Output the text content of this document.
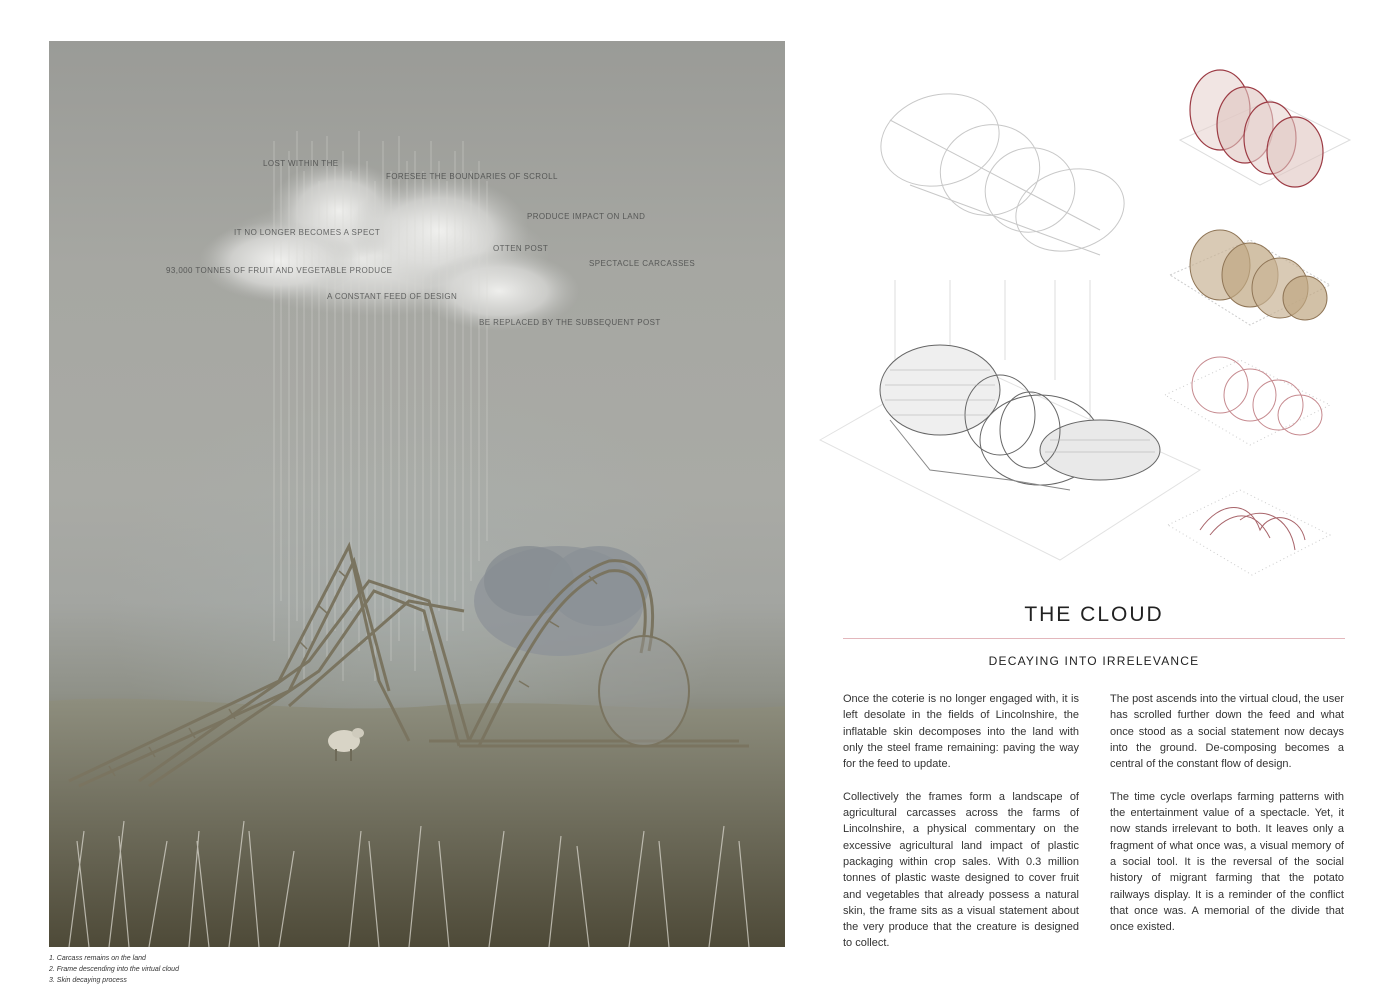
LOST WITHIN THE
FORESEE THE BOUNDARIES OF SCROLL
PRODUCE IMPACT ON LAND
IT NO LONGER BECOMES A SPECT
OTTEN POST
93,000 TONNES OF FRUIT AND VEGETABLE PRODUCE
SPECTACLE CARCASSES
A CONSTANT FEED OF DESIGN
BE REPLACED BY THE SUBSEQUENT POST
1. Carcass remains on the land
2. Frame descending into the virtual cloud
3. Skin decaying process
THE CLOUD
DECAYING INTO IRRELEVANCE

Once the coterie is no longer engaged with, it is left desolate in the fields of Lincolnshire, the inflatable skin decomposes into the land with only the steel frame remaining: paving the way for the feed to update.

Collectively the frames form a landscape of agricultural carcasses across the farms of Lincolnshire, a physical commentary on the excessive agricultural land impact of plastic packaging within crop sales. With 0.3 million tonnes of plastic waste designed to cover fruit and vegetables that already possess a natural skin, the frame sits as a visual statement about the very produce that the creature is designed to collect.

The post ascends into the virtual cloud, the user has scrolled further down the feed and what once stood as a social statement now decays into the ground. De-composing becomes a central of the constant flow of design.

The time cycle overlaps farming patterns with the entertainment value of a spectacle. Yet, it now stands irrelevant to both. It leaves only a fragment of what once was, a visual memory of a social tool. It is the reversal of the social history of migrant farming that the potato railways display. It is a reminder of the conflict that once was. A memorial of the divide that once existed.
